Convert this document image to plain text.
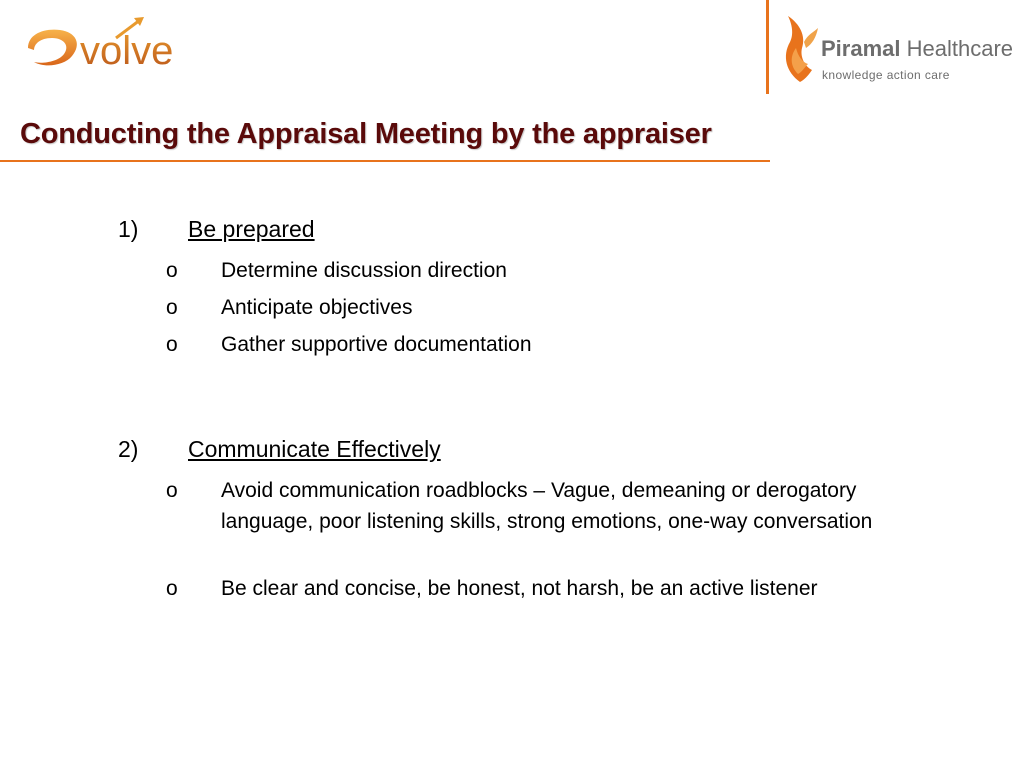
volve	Piramal Healthcare
knowledge action care
Conducting the Appraisal Meeting by the appraiser
1) Be prepared
o Determine discussion direction
o Anticipate objectives
o Gather supportive documentation
2) Communicate Effectively
o Avoid communication roadblocks – Vague, demeaning or derogatory language, poor listening skills, strong emotions, one-way conversation
o Be clear and concise, be honest, not harsh, be an active listener
